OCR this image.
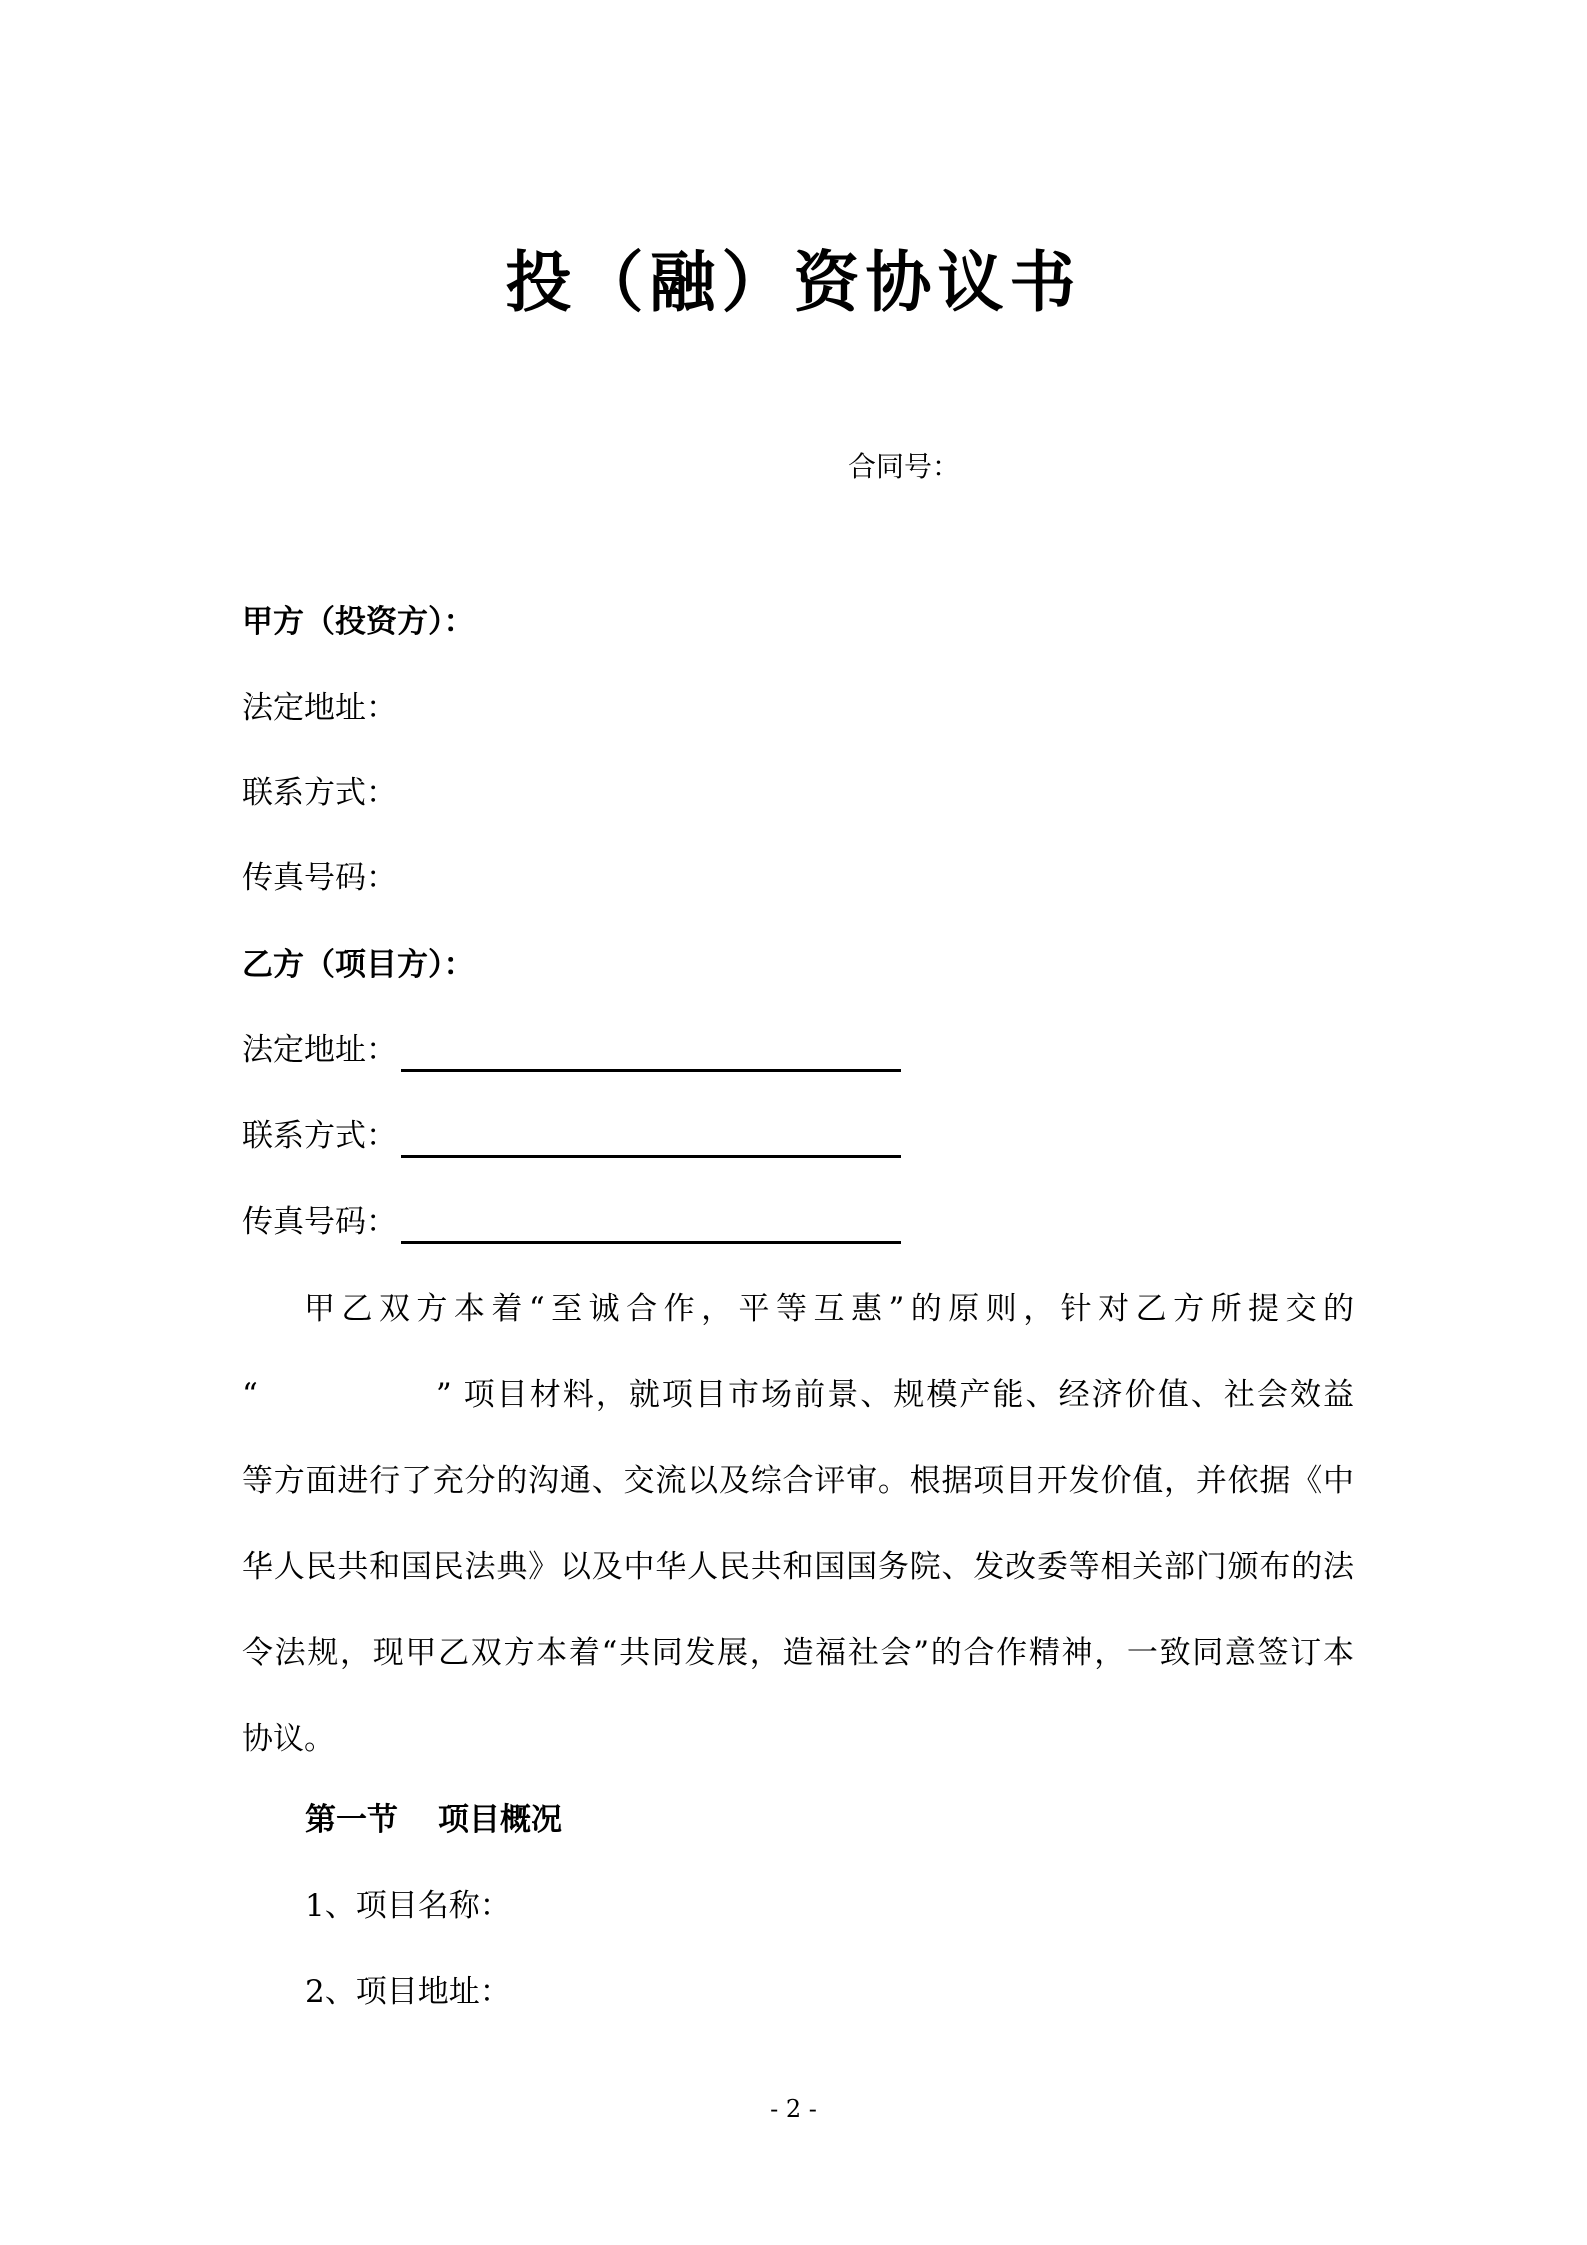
投（融）资协议书
合同号：
甲方（投资方）：
法定地址：
联系方式：
传真号码：
乙方（项目方）：
法定地址：
联系方式：
传真号码：
甲乙双方本着“至诚合作，平等互惠”的原则，针对乙方所提交的
“	” 项目材料，就项目市场前景、规模产能、经济价值、社会效益
等方面进行了充分的沟通、交流以及综合评审。根据项目开发价值，并依据《中
华人民共和国民法典》以及中华人民共和国国务院、发改委等相关部门颁布的法
令法规，现甲乙双方本着“共同发展，造福社会”的合作精神，一致同意签订本
协议。
第一节 项目概况
1、项目名称：
2、项目地址：
- 2 -
